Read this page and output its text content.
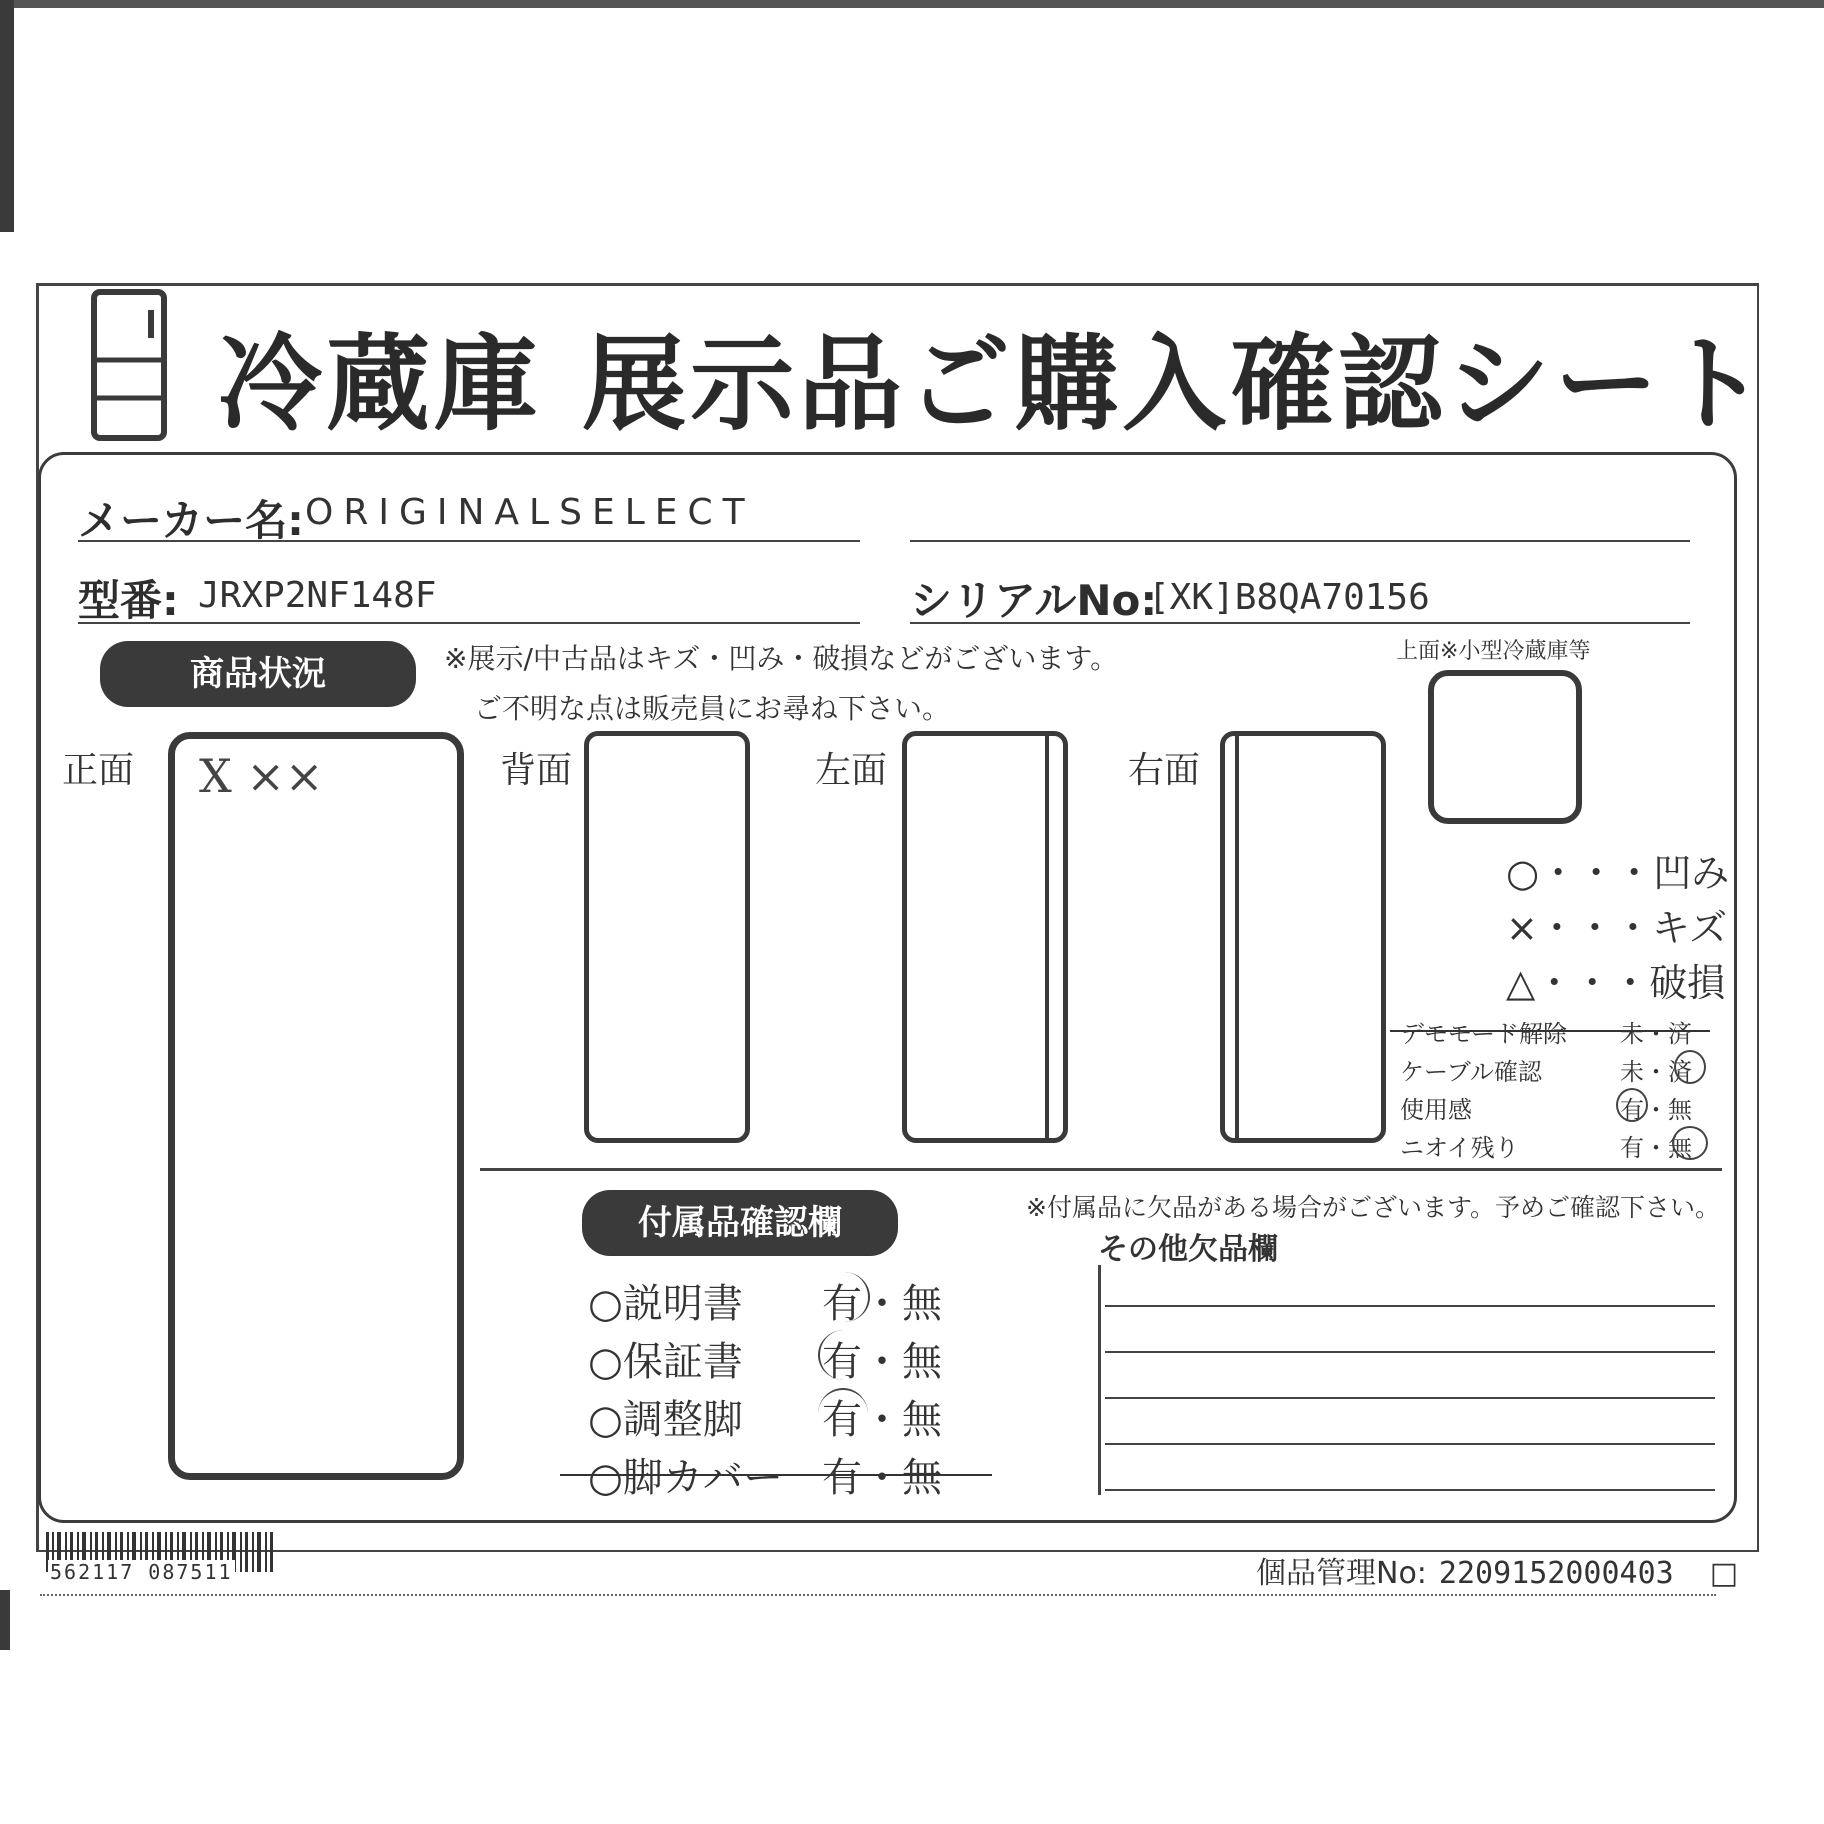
冷蔵庫 展示品ご購入確認シート
メーカー名: ORIGINALSELECT
型番: JRXP2NF148F	シリアルNo:
[XK]B8QA70156
商品状況	※展示/中古品はキズ・凹み・破損などがございます。
ご不明な点は販売員にお尋ね下さい。
正面 X ××	背面	左面	右面
上面※小型冷蔵庫等
○・・・凹み
×・・・キズ
△・・・破損
デモモード解除 未・済
ケーブル確認	未・済
使用感	有・無
ニオイ残り	有・無
付属品確認欄	※付属品に欠品がある場合がございます。予めご確認下さい。
その他欠品欄
○説明書 有・無
○保証書 有・無
○調整脚 有・無
○脚カバー 有・無
562117 087511	個品管理No: 2209152000403 □
